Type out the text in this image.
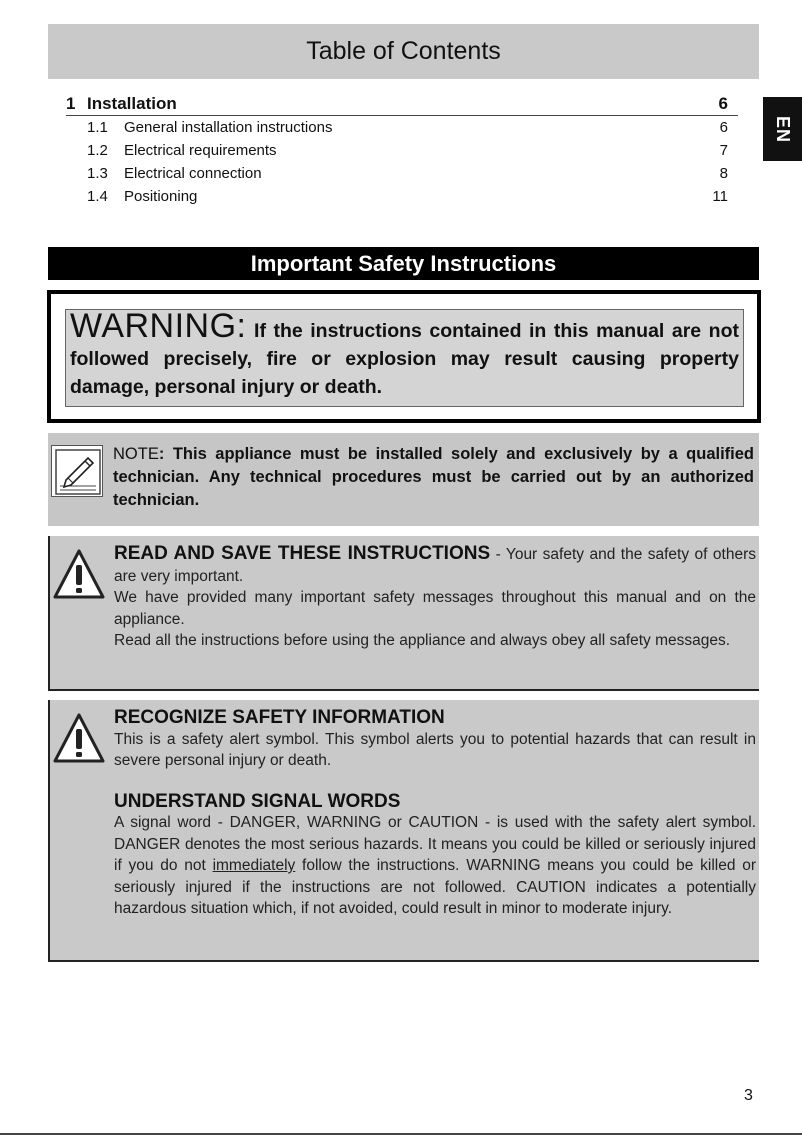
Table of Contents
1 Installation	6
1.1 General installation instructions	6
1.2 Electrical requirements	7
1.3 Electrical connection	8
1.4 Positioning	11
EN
Important Safety Instructions
WARNING: If the instructions contained in this manual are not followed precisely, fire or explosion may result causing property damage, personal injury or death.
NOTE: This appliance must be installed solely and exclusively by a qualified technician. Any technical procedures must be carried out by an authorized technician.

READ AND SAVE THESE INSTRUCTIONS - Your safety and the safety of others are very important.

We have provided many important safety messages throughout this manual and on the appliance.

Read all the instructions before using the appliance and always obey all safety messages.

RECOGNIZE SAFETY INFORMATION

This is a safety alert symbol. This symbol alerts you to potential hazards that can result in severe personal injury or death.

UNDERSTAND SIGNAL WORDS

A signal word - DANGER, WARNING or CAUTION - is used with the safety alert symbol. DANGER denotes the most serious hazards. It means you could be killed or seriously injured if you do not immediately follow the instructions. WARNING means you could be killed or seriously injured if the instructions are not followed. CAUTION indicates a potentially hazardous situation which, if not avoided, could result in minor to moderate injury.

3
